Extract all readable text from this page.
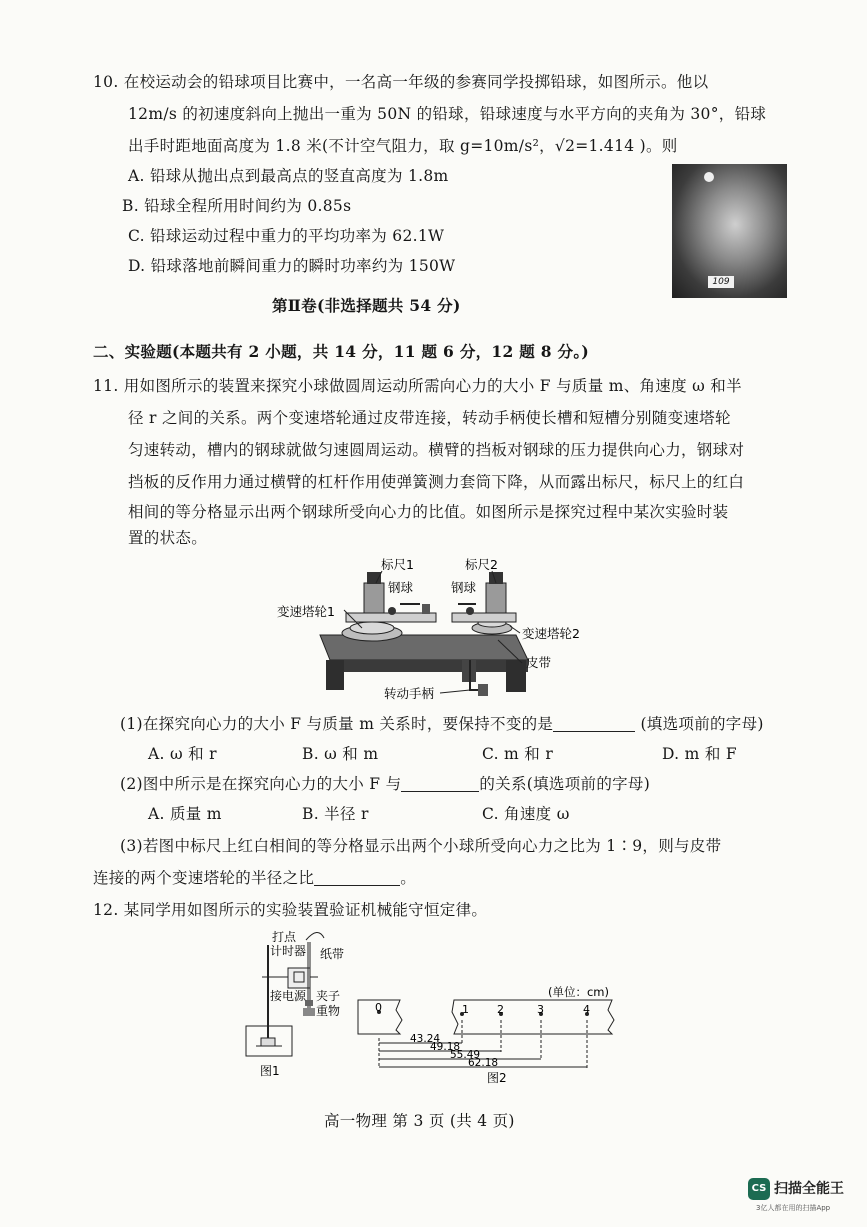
10. 在校运动会的铅球项目比赛中，一名高一年级的参赛同学投掷铅球，如图所示。他以
12m/s 的初速度斜向上抛出一重为 50N 的铅球，铅球速度与水平方向的夹角为 30°，铅球
出手时距地面高度为 1.8 米(不计空气阻力，取 g=10m/s²，√2=1.414 )。则
A. 铅球从抛出点到最高点的竖直高度为 1.8m
B. 铅球全程所用时间约为 0.85s
C. 铅球运动过程中重力的平均功率为 62.1W
D. 铅球落地前瞬间重力的瞬时功率约为 150W
109
第Ⅱ卷(非选择题共 54 分)
二、实验题(本题共有 2 小题，共 14 分，11 题 6 分，12 题 8 分。)
11. 用如图所示的装置来探究小球做圆周运动所需向心力的大小 F 与质量 m、角速度 ω 和半
径 r 之间的关系。两个变速塔轮通过皮带连接，转动手柄使长槽和短槽分别随变速塔轮
匀速转动，槽内的钢球就做匀速圆周运动。横臂的挡板对钢球的压力提供向心力，钢球对
挡板的反作用力通过横臂的杠杆作用使弹簧测力套筒下降，从而露出标尺，标尺上的红白
相间的等分格显示出两个钢球所受向心力的比值。如图所示是探究过程中某次实验时装
置的状态。
标尺1	标尺2
钢球	钢球
变速塔轮1
变速塔轮2
皮带
转动手柄
(1)在探究向心力的大小 F 与质量 m 关系时，要保持不变的是	(填选项前的字母)
A. ω 和 r	B. ω 和 m	C. m 和 r	D. m 和 F
(2)图中所示是在探究向心力的大小 F 与	的关系(填选项前的字母)
A. 质量 m	B. 半径 r	C. 角速度 ω
(3)若图中标尺上红白相间的等分格显示出两个小球所受向心力之比为 1∶9，则与皮带
连接的两个变速塔轮的半径之比	。
12. 某同学用如图所示的实验装置验证机械能守恒定律。
打点
计时器 纸带
接电源 夹子
重物
图1
(单位：cm)
0	1	2	3	4
43.24
49.18
55.49
62.18
图2
高一物理 第 3 页 (共 4 页)
CS 扫描全能王
3亿人都在用的扫描App
